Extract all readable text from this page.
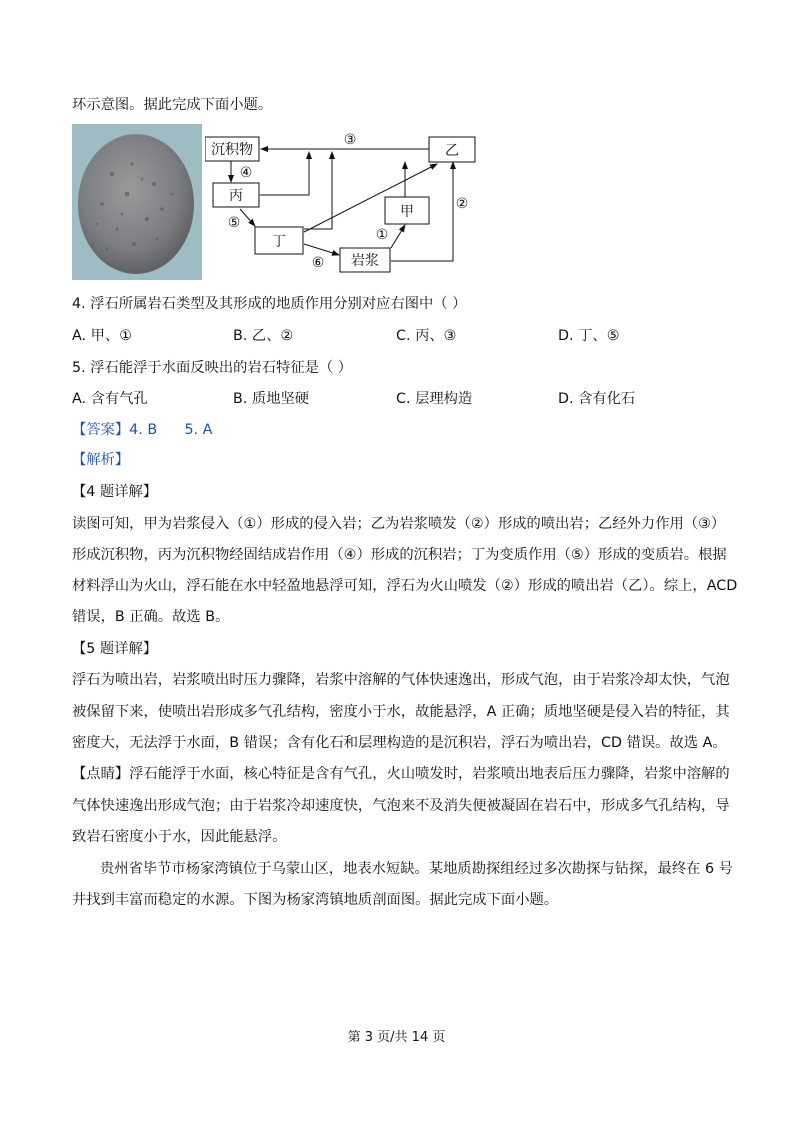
环示意图。据此完成下面小题。
沉积物
丙
丁
岩浆
甲
乙
③
④
⑤
⑥
①
②
4. 浮石所属岩石类型及其形成的地质作用分别对应右图中（ ）
A. 甲、①	B. 乙、②	C. 丙、③	D. 丁、⑤
5. 浮石能浮于水面反映出的岩石特征是（ ）
A. 含有气孔	B. 质地坚硬	C. 层理构造	D. 含有化石
【答案】4. B      5. A
【解析】
【4 题详解】
读图可知，甲为岩浆侵入（①）形成的侵入岩；乙为岩浆喷发（②）形成的喷出岩；乙经外力作用（③）
形成沉积物，丙为沉积物经固结成岩作用（④）形成的沉积岩；丁为变质作用（⑤）形成的变质岩。根据
材料浮山为火山，浮石能在水中轻盈地悬浮可知，浮石为火山喷发（②）形成的喷出岩（乙）。综上，ACD
错误，B 正确。故选 B。
【5 题详解】
浮石为喷出岩，岩浆喷出时压力骤降，岩浆中溶解的气体快速逸出，形成气泡，由于岩浆冷却太快，气泡
被保留下来，使喷出岩形成多气孔结构，密度小于水，故能悬浮，A 正确；质地坚硬是侵入岩的特征，其
密度大，无法浮于水面，B 错误；含有化石和层理构造的是沉积岩，浮石为喷出岩，CD 错误。故选 A。
【点睛】浮石能浮于水面，核心特征是含有气孔，火山喷发时，岩浆喷出地表后压力骤降，岩浆中溶解的
气体快速逸出形成气泡；由于岩浆冷却速度快，气泡来不及消失便被凝固在岩石中，形成多气孔结构，导
致岩石密度小于水，因此能悬浮。
贵州省毕节市杨家湾镇位于乌蒙山区，地表水短缺。某地质勘探组经过多次勘探与钻探，最终在 6 号
井找到丰富而稳定的水源。下图为杨家湾镇地质剖面图。据此完成下面小题。
第 3 页/共 14 页
